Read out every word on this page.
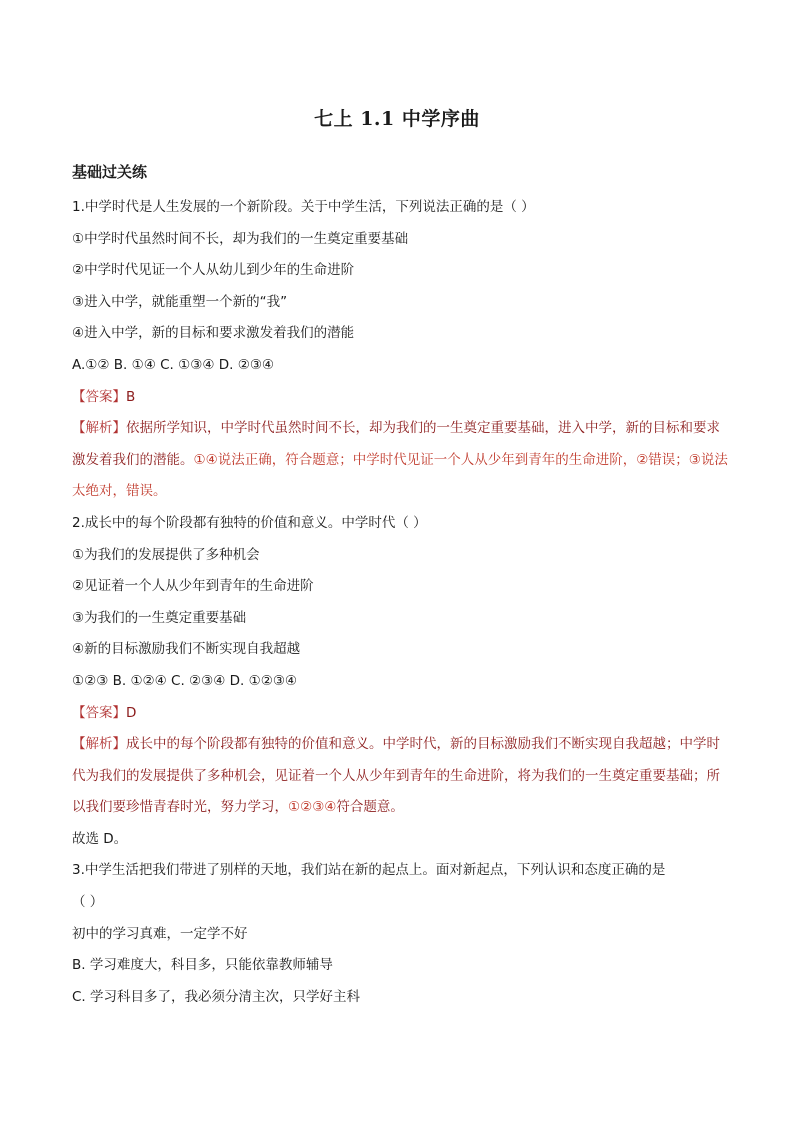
七上 1.1 中学序曲
基础过关练
1.中学时代是人生发展的一个新阶段。关于中学生活，下列说法正确的是（ ）
①中学时代虽然时间不长，却为我们的一生奠定重要基础
②中学时代见证一个人从幼儿到少年的生命进阶
③进入中学，就能重塑一个新的“我”
④进入中学，新的目标和要求激发着我们的潜能
A.①② B. ①④ C. ①③④ D. ②③④
【答案】B
【解析】依据所学知识，中学时代虽然时间不长，却为我们的一生奠定重要基础，进入中学，新的目标和要求激发着我们的潜能。①④说法正确，符合题意；中学时代见证一个人从少年到青年的生命进阶，②错误；③说法太绝对，错误。
2.成长中的每个阶段都有独特的价值和意义。中学时代（ ）
①为我们的发展提供了多种机会
②见证着一个人从少年到青年的生命进阶
③为我们的一生奠定重要基础
④新的目标激励我们不断实现自我超越
①②③ B. ①②④ C. ②③④ D. ①②③④
【答案】D
【解析】成长中的每个阶段都有独特的价值和意义。中学时代，新的目标激励我们不断实现自我超越；中学时代为我们的发展提供了多种机会，见证着一个人从少年到青年的生命进阶，将为我们的一生奠定重要基础；所以我们要珍惜青春时光，努力学习，①②③④符合题意。
故选 D。
3.中学生活把我们带进了别样的天地，我们站在新的起点上。面对新起点，下列认识和态度正确的是
（ ）
初中的学习真难，一定学不好
B. 学习难度大，科目多，只能依靠教师辅导
C. 学习科目多了，我必须分清主次，只学好主科
